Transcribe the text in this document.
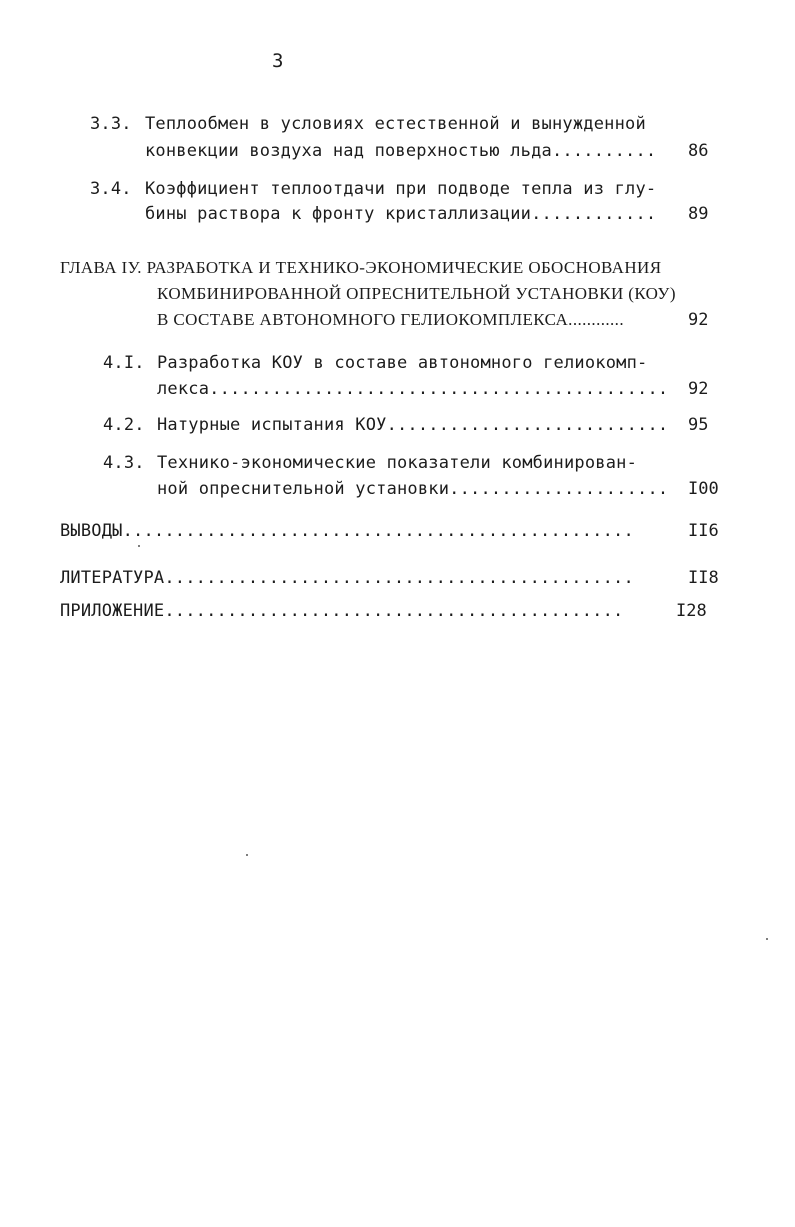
3
3.3. Теплообмен в условиях естественной и вынужденной
конвекции воздуха над поверхностью льда.......... 86
3.4. Коэффициент теплоотдачи при подводе тепла из глу-
бины раствора к фронту кристаллизации............ 89
ГЛАВА IУ. РАЗРАБОТКА И ТЕХНИКО-ЭКОНОМИЧЕСКИЕ ОБОСНОВАНИЯ
КОМБИНИРОВАННОЙ ОПРЕСНИТЕЛЬНОЙ УСТАНОВКИ (КОУ)
В СОСТАВЕ АВТОНОМНОГО ГЕЛИОКОМПЛЕКСА............	92
4.I. Разработка КОУ в составе автономного гелиокомп-
лекса............................................ 92
4.2. Натурные испытания КОУ........................... 95
4.3. Технико-экономические показатели комбинирован-
ной опреснительной установки..................... I00
ВЫВОДЫ.................................................	II6
ЛИТЕРАТУРА.............................................	II8
ПРИЛОЖЕНИЕ............................................	I28
